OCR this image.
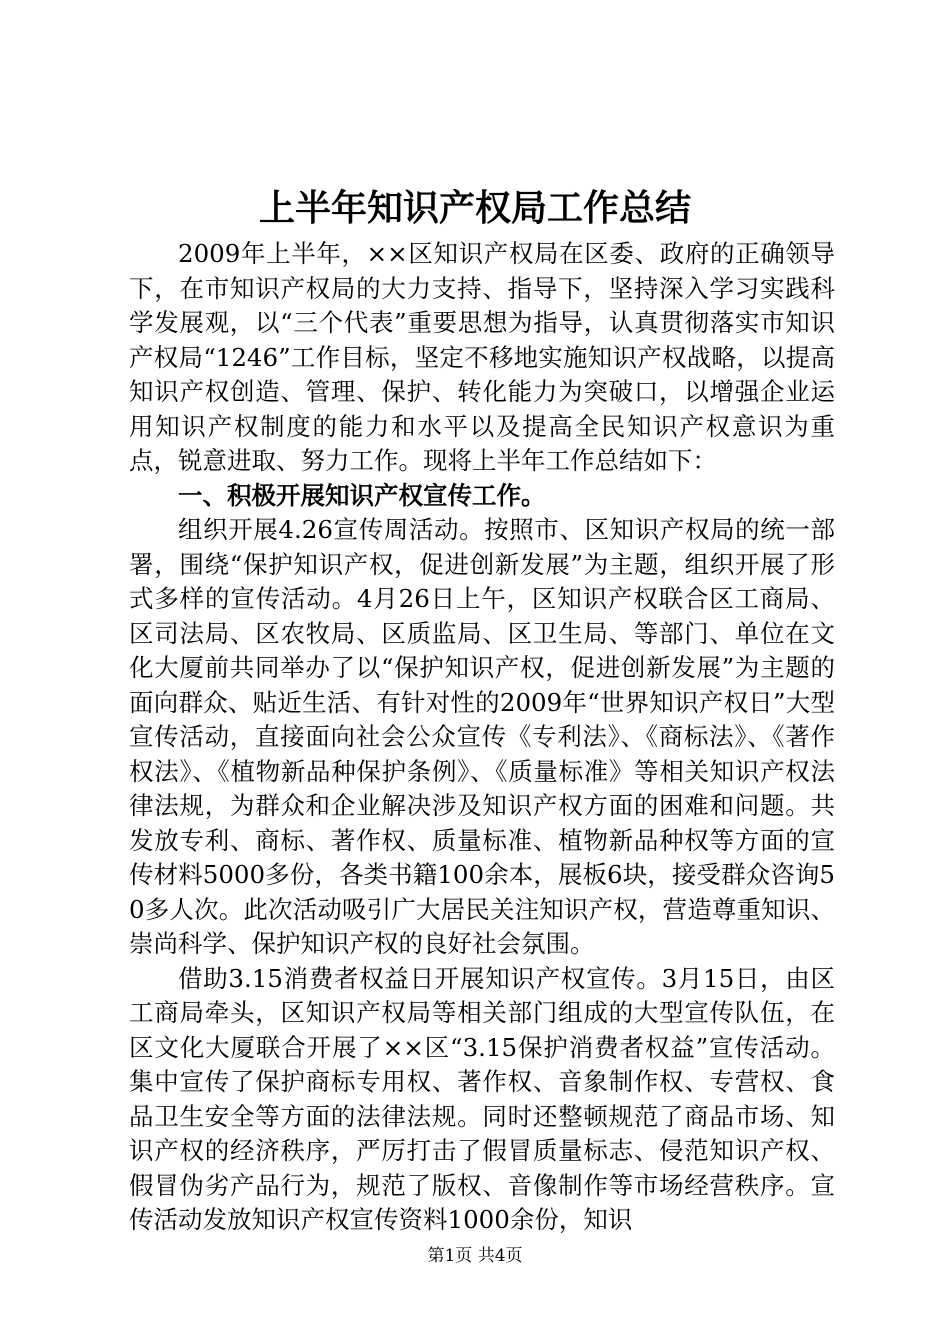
上半年知识产权局工作总结

2009年上半年，××区知识产权局在区委、政府的正确领导下，在市知识产权局的大力支持、指导下，坚持深入学习实践科学发展观，以“三个代表”重要思想为指导，认真贯彻落实市知识产权局“1246”工作目标，坚定不移地实施知识产权战略，以提高知识产权创造、管理、保护、转化能力为突破口，以增强企业运用知识产权制度的能力和水平以及提高全民知识产权意识为重点，锐意进取、努力工作。现将上半年工作总结如下：

一、积极开展知识产权宣传工作。

组织开展4.26宣传周活动。按照市、区知识产权局的统一部署，围绕“保护知识产权，促进创新发展”为主题，组织开展了形式多样的宣传活动。4月26日上午，区知识产权联合区工商局、区司法局、区农牧局、区质监局、区卫生局、等部门、单位在文化大厦前共同举办了以“保护知识产权，促进创新发展”为主题的面向群众、贴近生活、有针对性的2009年“世界知识产权日”大型宣传活动，直接面向社会公众宣传《专利法》、《商标法》、《著作权法》、《植物新品种保护条例》、《质量标准》等相关知识产权法律法规，为群众和企业解决涉及知识产权方面的困难和问题。共发放专利、商标、著作权、质量标准、植物新品种权等方面的宣传材料5000多份，各类书籍100余本，展板6块，接受群众咨询50多人次。此次活动吸引广大居民关注知识产权，营造尊重知识、崇尚科学、保护知识产权的良好社会氛围。

借助3.15消费者权益日开展知识产权宣传。3月15日，由区工商局牵头，区知识产权局等相关部门组成的大型宣传队伍，在区文化大厦联合开展了××区“3.15保护消费者权益”宣传活动。集中宣传了保护商标专用权、著作权、音象制作权、专营权、食品卫生安全等方面的法律法规。同时还整顿规范了商品市场、知识产权的经济秩序，严厉打击了假冒质量标志、侵范知识产权、假冒伪劣产品行为，规范了版权、音像制作等市场经营秩序。宣传活动发放知识产权宣传资料1000余份，知识

第1页 共4页
